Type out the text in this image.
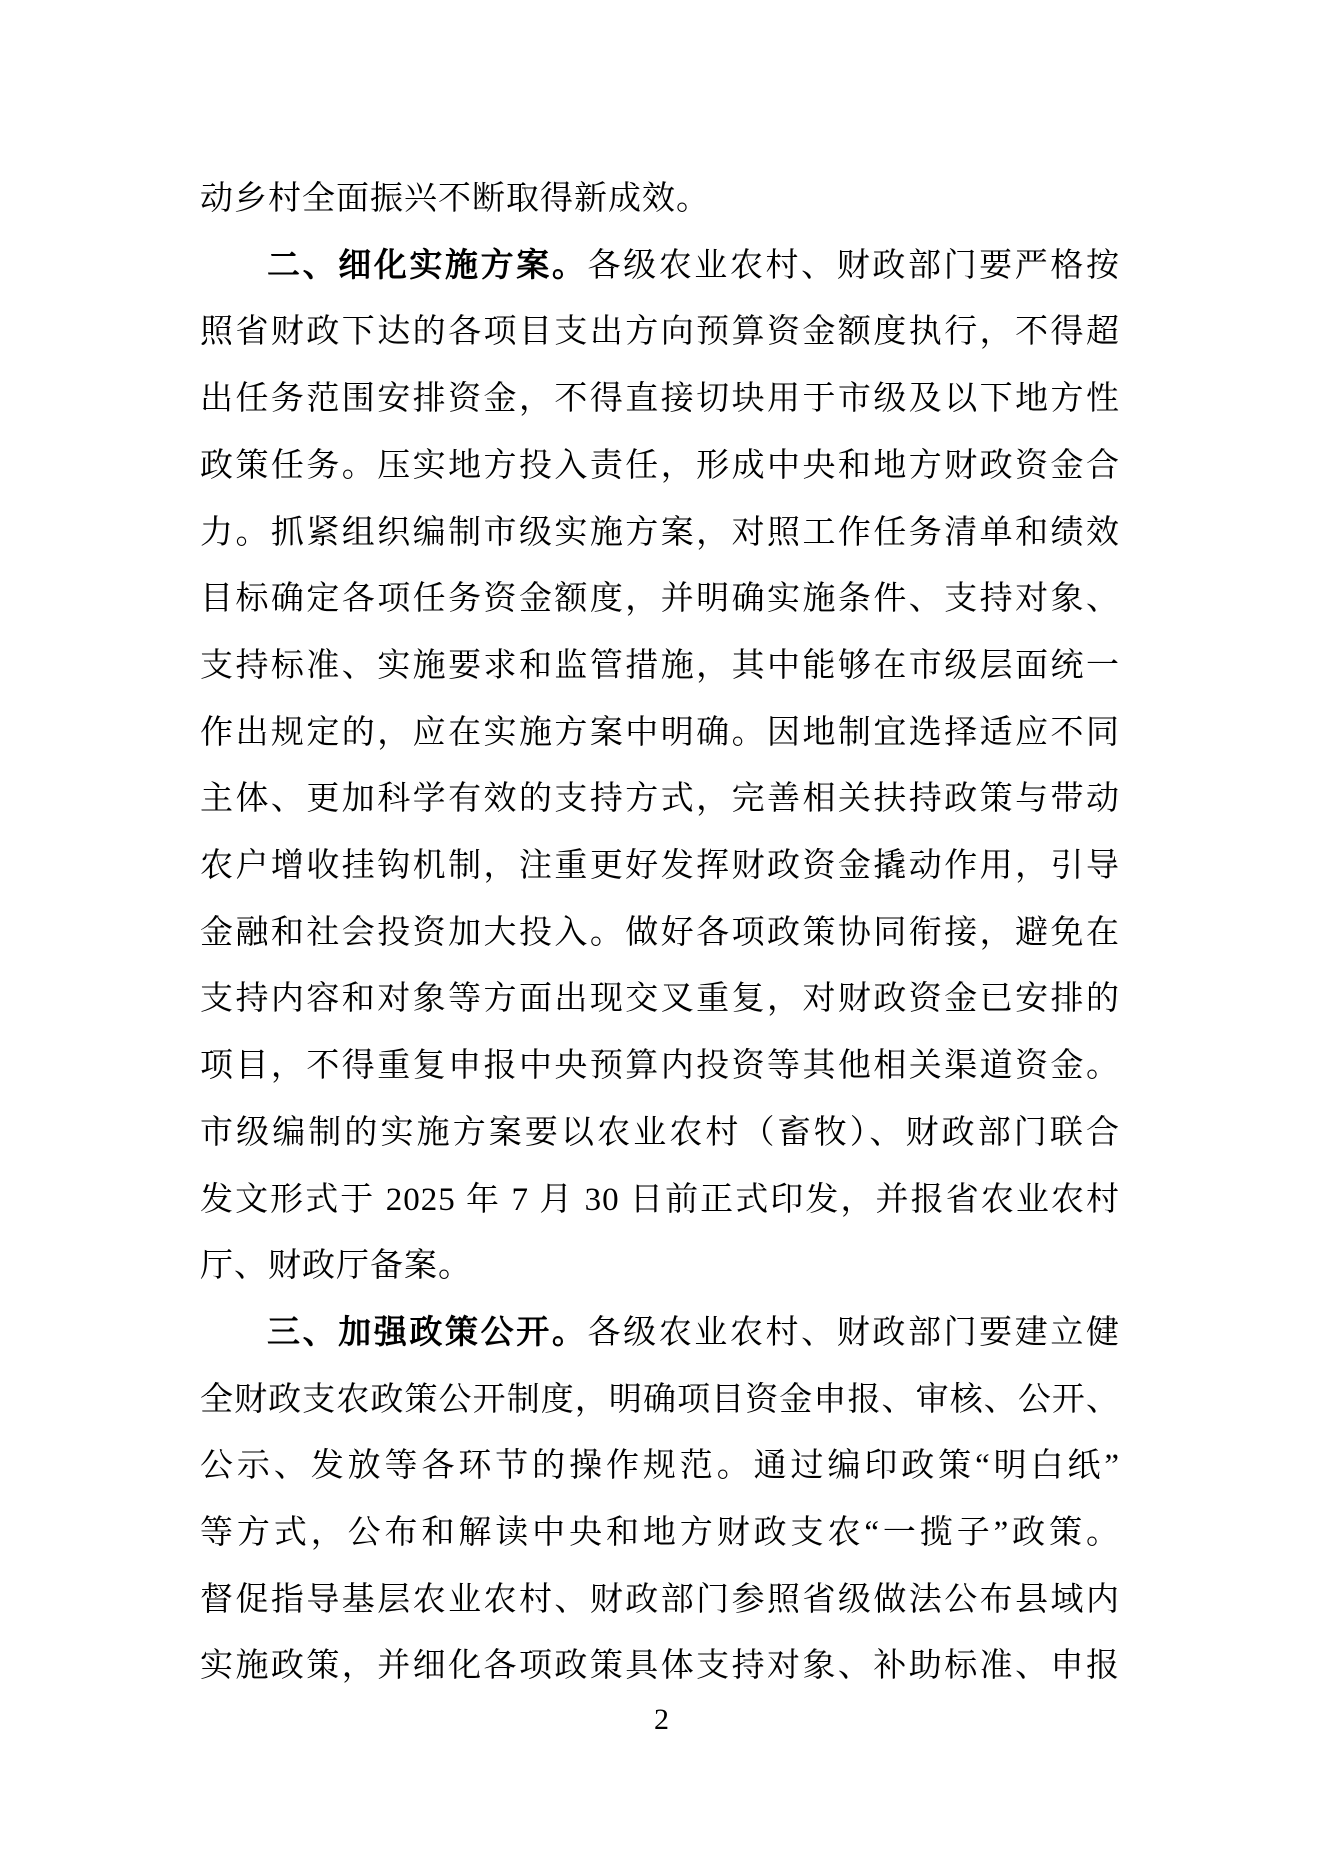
动乡村全面振兴不断取得新成效。
二、细化实施方案。各级农业农村、财政部门要严格按
照省财政下达的各项目支出方向预算资金额度执行，不得超
出任务范围安排资金，不得直接切块用于市级及以下地方性
政策任务。压实地方投入责任，形成中央和地方财政资金合
力。抓紧组织编制市级实施方案，对照工作任务清单和绩效
目标确定各项任务资金额度，并明确实施条件、支持对象、
支持标准、实施要求和监管措施，其中能够在市级层面统一
作出规定的，应在实施方案中明确。因地制宜选择适应不同
主体、更加科学有效的支持方式，完善相关扶持政策与带动
农户增收挂钩机制，注重更好发挥财政资金撬动作用，引导
金融和社会投资加大投入。做好各项政策协同衔接，避免在
支持内容和对象等方面出现交叉重复，对财政资金已安排的
项目，不得重复申报中央预算内投资等其他相关渠道资金。
市级编制的实施方案要以农业农村（畜牧）、财政部门联合
发文形式于 2025 年 7 月 30 日前正式印发，并报省农业农村
厅、财政厅备案。
三、加强政策公开。各级农业农村、财政部门要建立健
全财政支农政策公开制度，明确项目资金申报、审核、公开、
公示、发放等各环节的操作规范。通过编印政策“明白纸”
等方式，公布和解读中央和地方财政支农“一揽子”政策。
督促指导基层农业农村、财政部门参照省级做法公布县域内
实施政策，并细化各项政策具体支持对象、补助标准、申报
2
